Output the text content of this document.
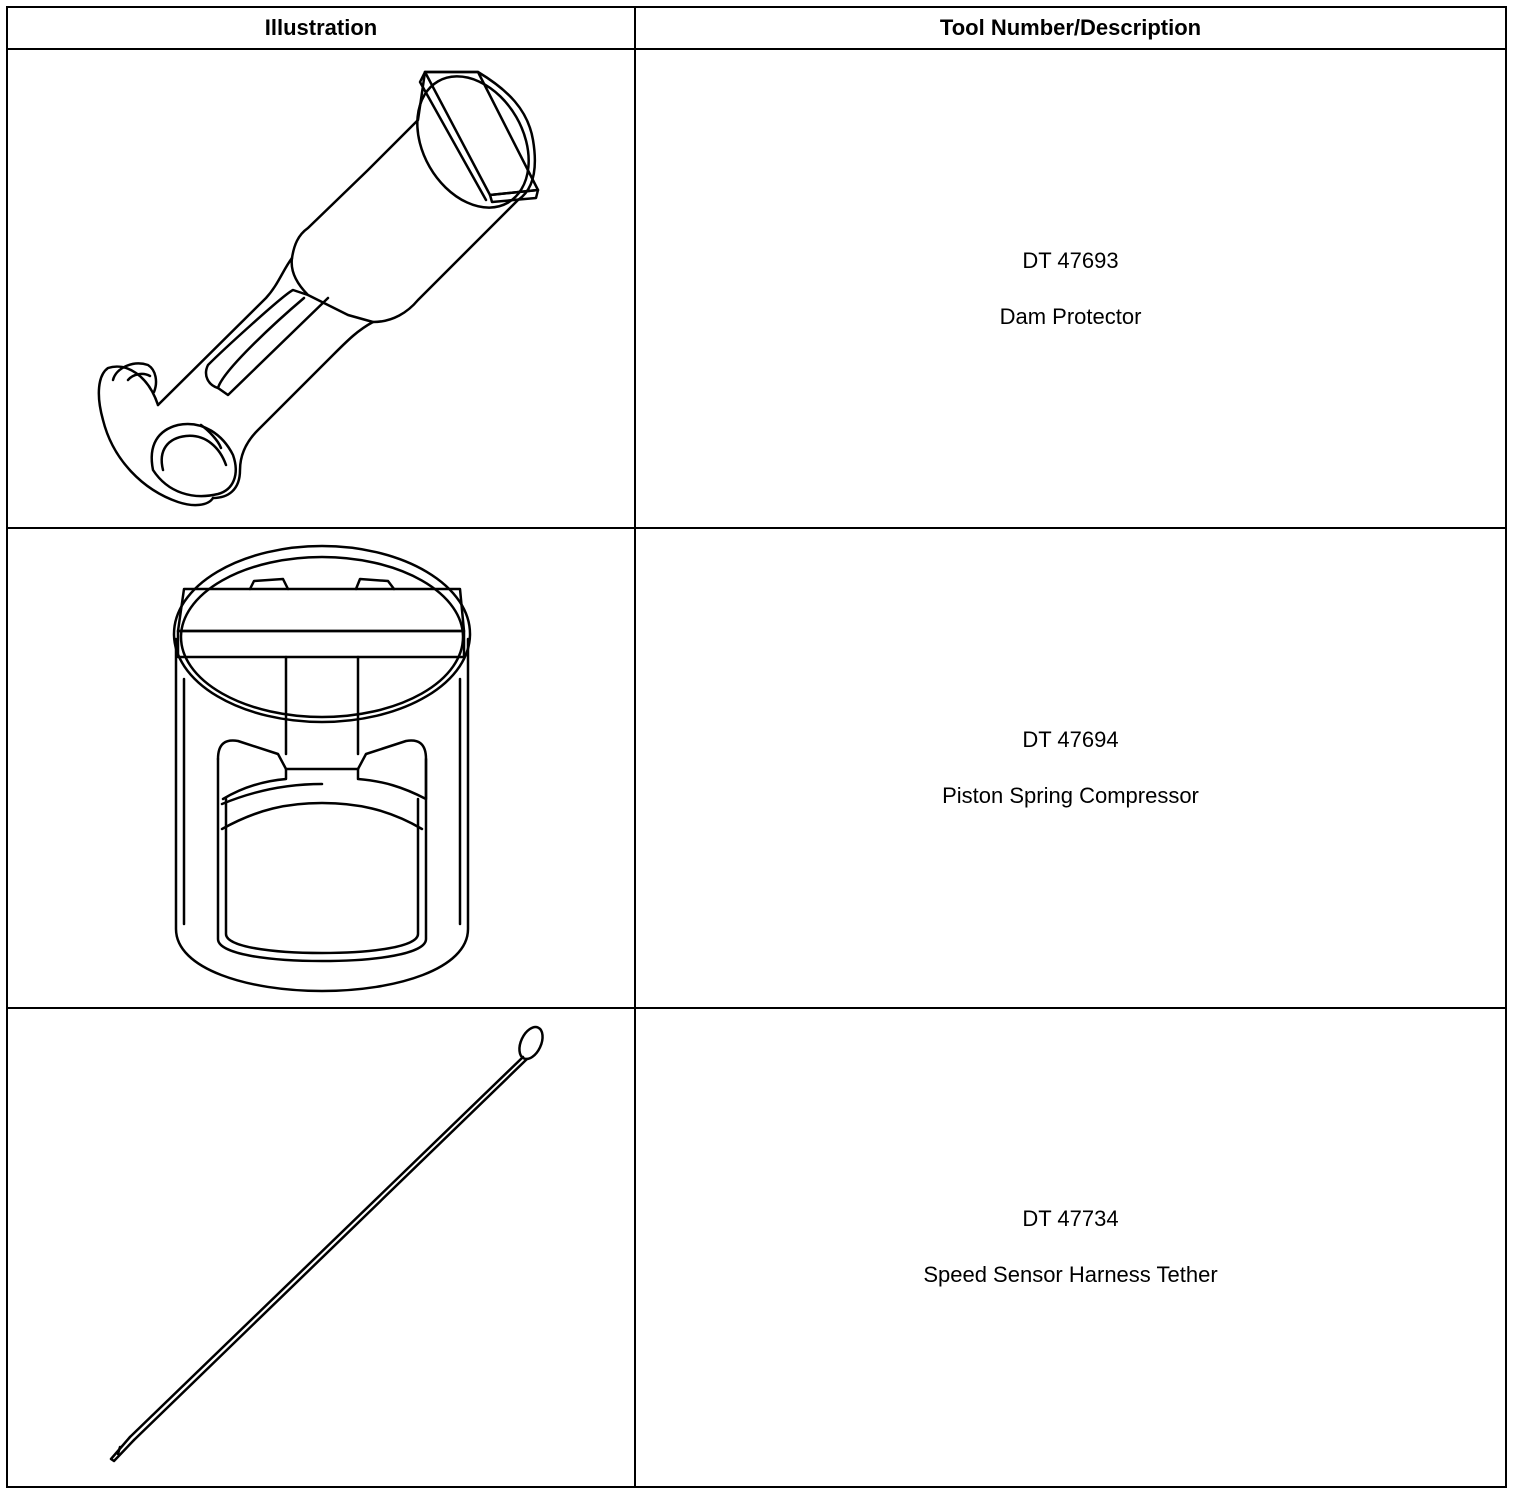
Illustration	Tool Number/Description

DT 47693
Dam Protector

DT 47694
Piston Spring Compressor

DT 47734
Speed Sensor Harness Tether
